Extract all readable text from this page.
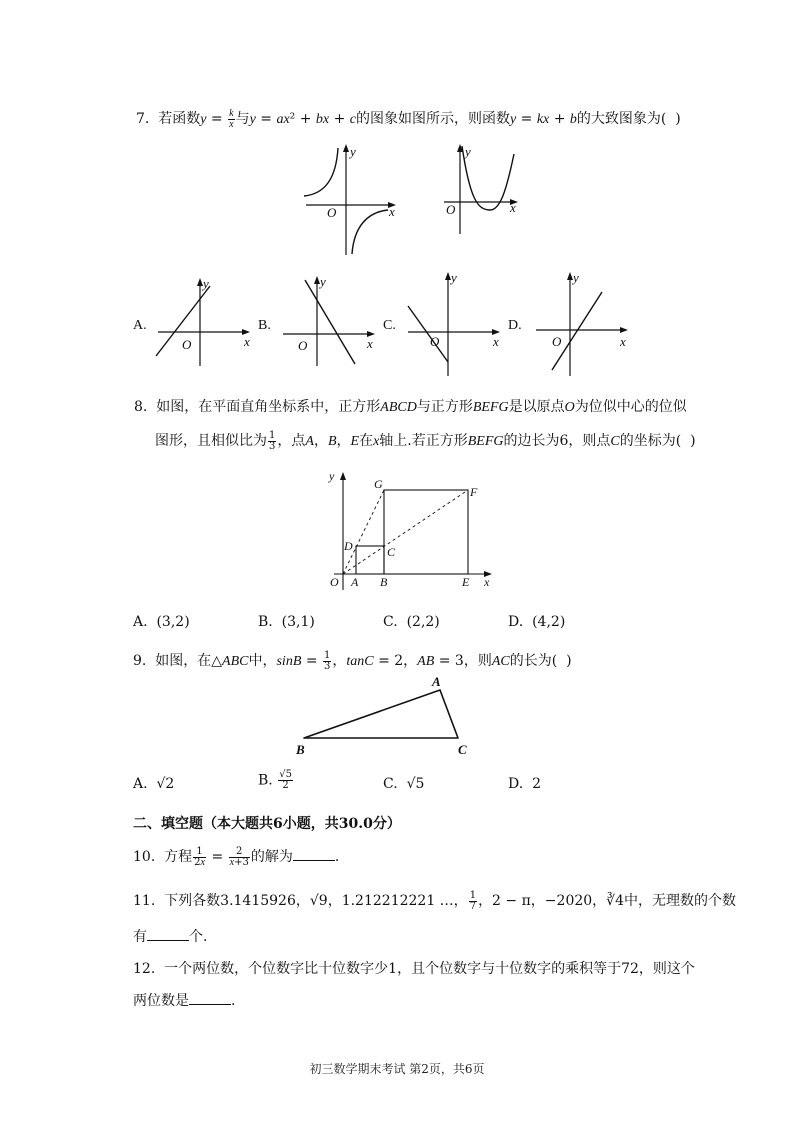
7.  若函数$y = \frac{k}{x}$ 与y = ax² + bx + c的图象如图所示，则函数y = kx + b的大致图象为(  )
y
x
O
y
x
O
A.
y
x
O
B.
y
x
O
C.
y
x
O
D.
y
x
O
8.  如图，在平面直角坐标系中，正方形ABCD与正方形BEFG是以原点O为位似中心的位似
图形，且相似比为 $\frac{1}{3}$ ，点A，B，E在x轴上.若正方形BEFG的边长为6，则点C的坐标为(  )
y
G
F
D	C
O A B	E x
A. (3,2)	B. (3,1)	C. (2,2)	D. (4,2)
9.  如图，在△ABC中，$\sin B = \frac{1}{3}$ ，tanC = 2，AB = 3，则AC的长为(  )
A
B	C
A.  √2	B. $\frac{√5}{2}$	C.  √5	D. 2
二、填空题（本大题共6小题，共30.0分）
10.  方程 $\frac{1}{2x} = \frac{2}{x+3}$ 的解为	.
11.  下列各数3.1415926，√9，1.212212221 …， $\frac{1}{7}$ ，2 − π，−2020，∛4中，无理数的个数
有	个.
12.  一个两位数，个位数字比十位数字少1，且个位数字与十位数字的乘积等于72，则这个
两位数是	.
初三数学期末考试 第2页，共6页
